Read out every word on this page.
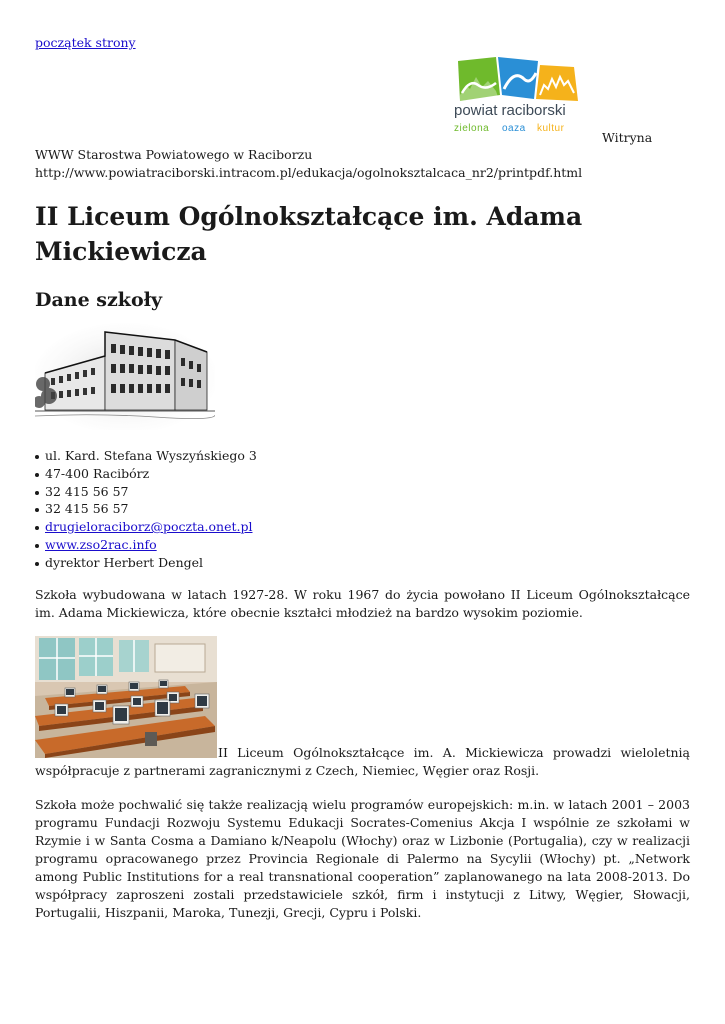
początek strony
powiat raciborski
zielona oaza kultur
Witryna
WWW Starostwa Powiatowego w Raciborzu
http://www.powiatraciborski.intracom.pl/edukacja/ogolnoksztalcaca_nr2/printpdf.html
II Liceum Ogólnokształcące im. Adama Mickiewicza
Dane szkoły
ul. Kard. Stefana Wyszyńskiego 3
47-400 Racibórz
32 415 56 57
32 415 56 57
drugieloraciborz@poczta.onet.pl
www.zso2rac.info
dyrektor Herbert Dengel

Szkoła wybudowana w latach 1927-28. W roku 1967 do życia powołano II Liceum Ogólnokształcące im. Adama Mickiewicza, które obecnie kształci młodzież na bardzo wysokim poziomie.

II Liceum Ogólnokształcące im. A. Mickiewicza prowadzi wieloletnią
współpracuje z partnerami zagranicznymi z Czech, Niemiec, Węgier oraz Rosji.

Szkoła może pochwalić się także realizacją wielu programów europejskich: m.in. w latach 2001 – 2003 programu Fundacji Rozwoju Systemu Edukacji Socrates-Comenius Akcja I wspólnie ze szkołami w Rzymie i w Santa Cosma a Damiano k/Neapolu (Włochy) oraz w Lizbonie (Portugalia), czy w realizacji programu opracowanego przez Provincia Regionale di Palermo na Sycylii (Włochy) pt. „Network among Public Institutions for a real transnational cooperation” zaplanowanego na lata 2008-2013. Do współpracy zaproszeni zostali przedstawiciele szkół, firm i instytucji z Litwy, Węgier, Słowacji, Portugalii, Hiszpanii, Maroka, Tunezji, Grecji, Cypru i Polski.
